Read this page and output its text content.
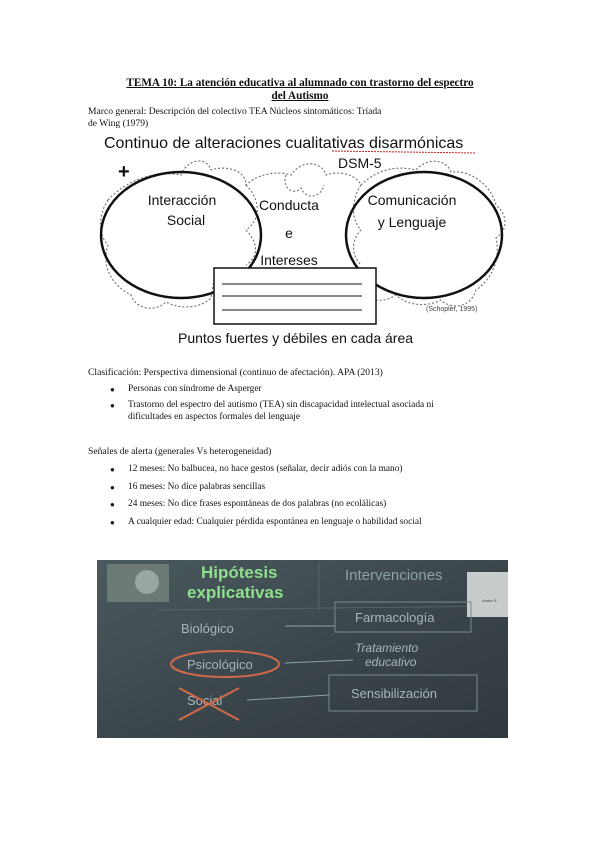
TEMA 10: La atención educativa al alumnado con trastorno del espectro
del Autismo
Marco general: Descripción del colectivo TEA Núcleos sintomáticos: Tríada
de Wing (1979)
Continuo de alteraciones cualitativas disarmónicas
+	DSM-5
Interacción
Social
Conducta
e
Intereses
Comunicación
y Lenguaje
(Schopler, 1995)
Puntos fuertes y débiles en cada área
Clasificación: Perspectiva dimensional (continuo de afectación). APA (2013)
● Personas con síndrome de Asperger
● Trastorno del espectro del autismo (TEA) sin discapacidad intelectual asociada ni
dificultades en aspectos formales del lenguaje
Señales de alerta (generales Vs heterogeneidad)
● 12 meses: No balbucea, no hace gestos (señalar, decir adiós con la mano)
● 16 meses: No dice palabras sencillas
● 24 meses: No dice frases espontáneas de dos palabras (no ecolálicas)
● A cualquier edad: Cualquier pérdida espontánea en lenguaje o habilidad social
Hipótesis
explicativas
Intervenciones
Andre S
Farmacología
Biológico
Tratamiento
educativo
Psicológico
Sensibilización
Social
